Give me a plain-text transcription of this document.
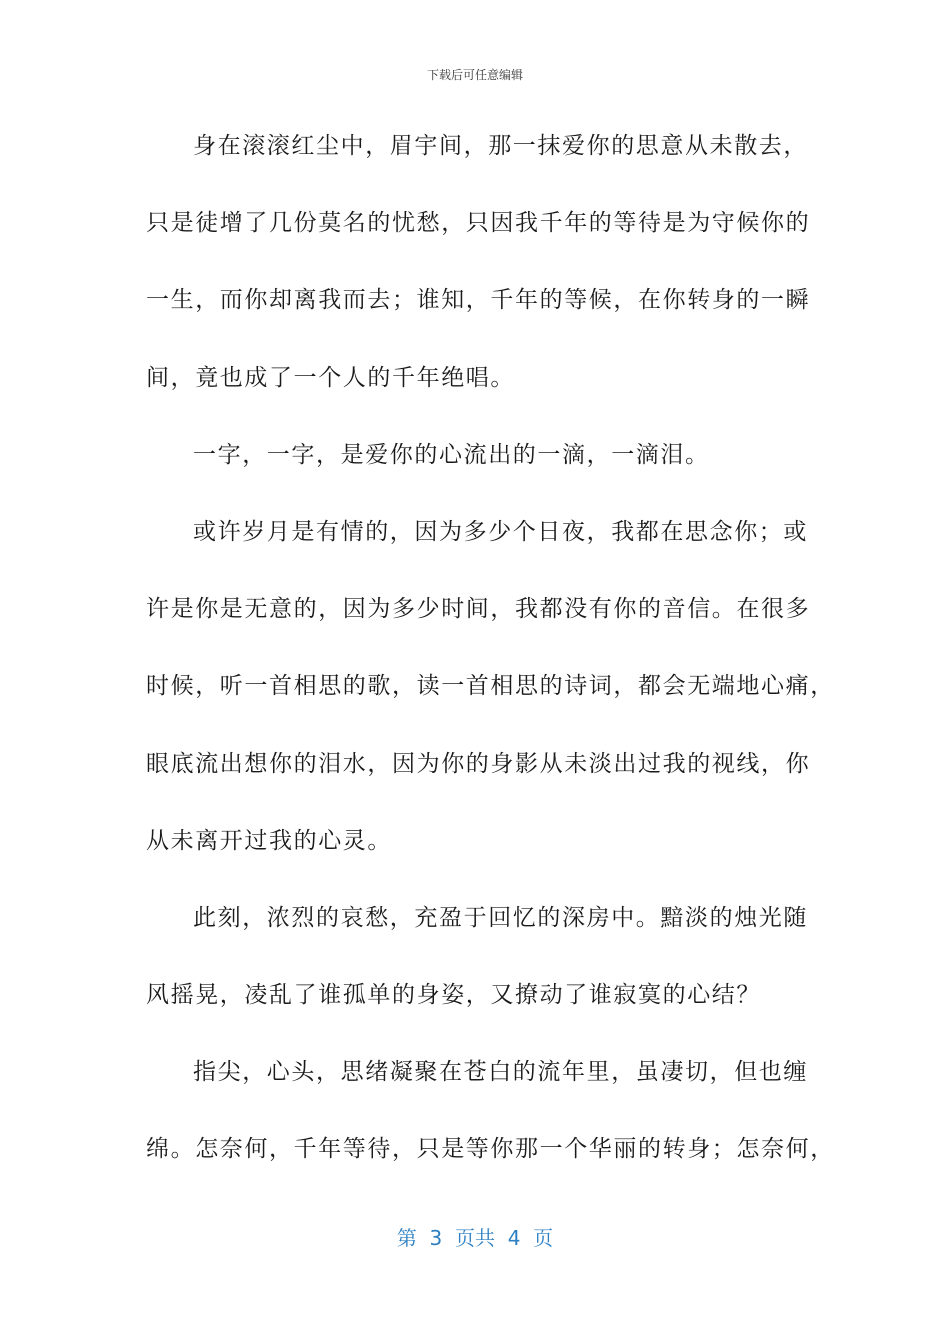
下载后可任意编辑
身在滚滚红尘中，眉宇间，那一抹爱你的思意从未散去，
只是徒增了几份莫名的忧愁，只因我千年的等待是为守候你的
一生，而你却离我而去；谁知，千年的等候，在你转身的一瞬
间，竟也成了一个人的千年绝唱。
一字，一字，是爱你的心流出的一滴，一滴泪。
或许岁月是有情的，因为多少个日夜，我都在思念你；或
许是你是无意的，因为多少时间，我都没有你的音信。在很多
时候，听一首相思的歌，读一首相思的诗词，都会无端地心痛，
眼底流出想你的泪水，因为你的身影从未淡出过我的视线，你
从未离开过我的心灵。
此刻，浓烈的哀愁，充盈于回忆的深房中。黯淡的烛光随
风摇晃，凌乱了谁孤单的身姿，又撩动了谁寂寞的心结？
指尖，心头，思绪凝聚在苍白的流年里，虽凄切，但也缠
绵。怎奈何，千年等待，只是等你那一个华丽的转身；怎奈何，
第  3  页共  4  页
